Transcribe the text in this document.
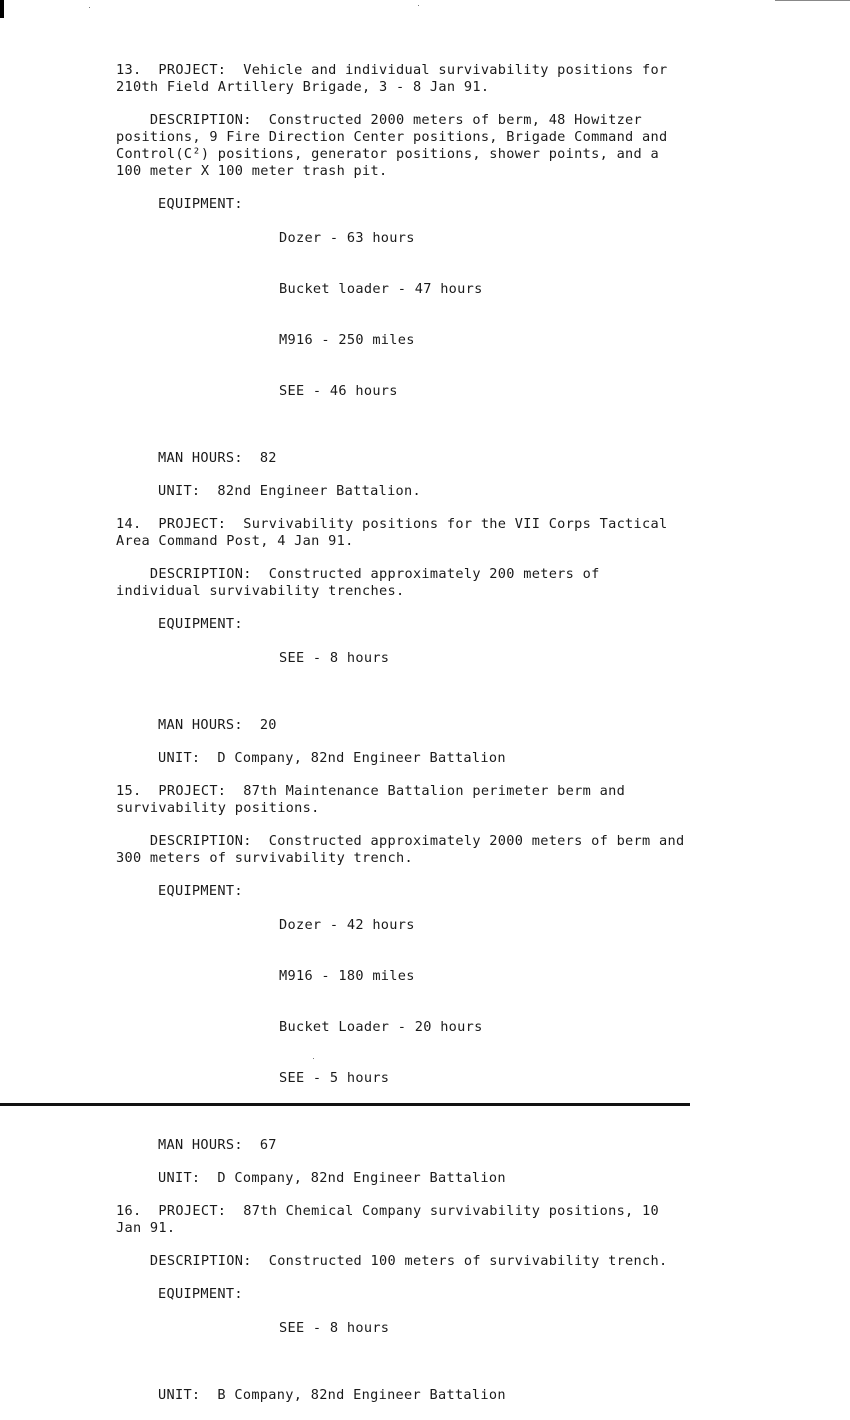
13.  PROJECT:  Vehicle and individual survivability positions for
210th Field Artillery Brigade, 3 - 8 Jan 91.
DESCRIPTION:  Constructed 2000 meters of berm, 48 Howitzer
positions, 9 Fire Direction Center positions, Brigade Command and
Control(C²) positions, generator positions, shower points, and a
100 meter X 100 meter trash pit.
EQUIPMENT:

Dozer - 63 hours

Bucket loader - 47 hours

M916 - 250 miles

SEE - 46 hours

MAN HOURS: 82
UNIT: 82nd Engineer Battalion.
14.  PROJECT:  Survivability positions for the VII Corps Tactical
Area Command Post, 4 Jan 91.
DESCRIPTION:  Constructed approximately 200 meters of
individual survivability trenches.
EQUIPMENT:

SEE - 8 hours

MAN HOURS: 20
UNIT: D Company, 82nd Engineer Battalion
15.  PROJECT:  87th Maintenance Battalion perimeter berm and
survivability positions.
DESCRIPTION:  Constructed approximately 2000 meters of berm and
300 meters of survivability trench.
EQUIPMENT:

Dozer - 42 hours

M916 - 180 miles

Bucket Loader - 20 hours

SEE - 5 hours

MAN HOURS: 67
UNIT: D Company, 82nd Engineer Battalion
16.  PROJECT:  87th Chemical Company survivability positions, 10
Jan 91.
DESCRIPTION:  Constructed 100 meters of survivability trench.
EQUIPMENT:

SEE - 8 hours

UNIT: B Company, 82nd Engineer Battalion
